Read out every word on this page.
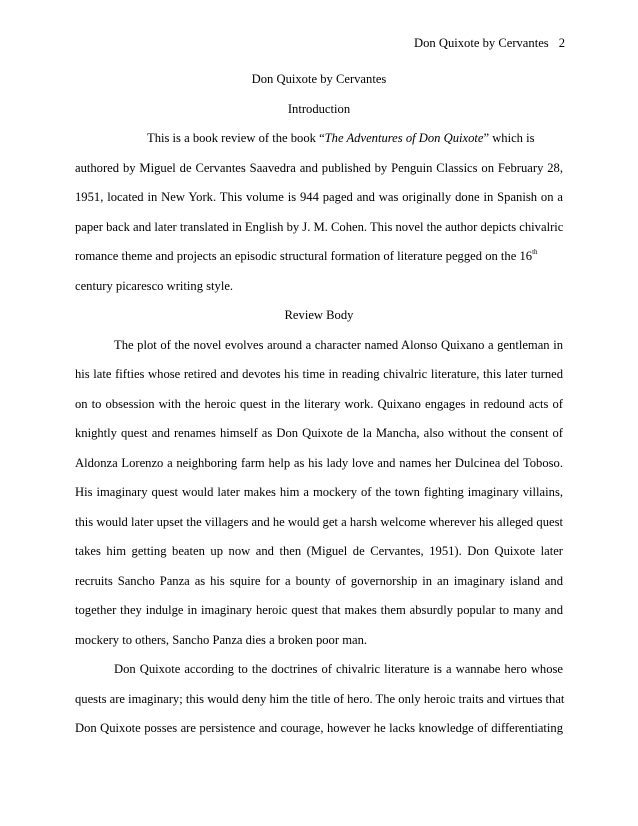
Don Quixote by Cervantes 2
Don Quixote by Cervantes
Introduction
This is a book review of the book “The Adventures of Don Quixote” which is
authored by Miguel de Cervantes Saavedra and published by Penguin Classics on February 28,
1951, located in New York. This volume is 944 paged and was originally done in Spanish on a
paper back and later translated in English by J. M. Cohen. This novel the author depicts chivalric
romance theme and projects an episodic structural formation of literature pegged on the 16th
century picaresco writing style.
Review Body
The plot of the novel evolves around a character named Alonso Quixano a gentleman in
his late fifties whose retired and devotes his time in reading chivalric literature, this later turned
on to obsession with the heroic quest in the literary work. Quixano engages in redound acts of
knightly quest and renames himself as Don Quixote de la Mancha, also without the consent of
Aldonza Lorenzo a neighboring farm help as his lady love and names her Dulcinea del Toboso.
His imaginary quest would later makes him a mockery of the town fighting imaginary villains,
this would later upset the villagers and he would get a harsh welcome wherever his alleged quest
takes him getting beaten up now and then (Miguel de Cervantes, 1951). Don Quixote later
recruits Sancho Panza as his squire for a bounty of governorship in an imaginary island and
together they indulge in imaginary heroic quest that makes them absurdly popular to many and
mockery to others, Sancho Panza dies a broken poor man.
Don Quixote according to the doctrines of chivalric literature is a wannabe hero whose
quests are imaginary; this would deny him the title of hero. The only heroic traits and virtues that
Don Quixote posses are persistence and courage, however he lacks knowledge of differentiating
